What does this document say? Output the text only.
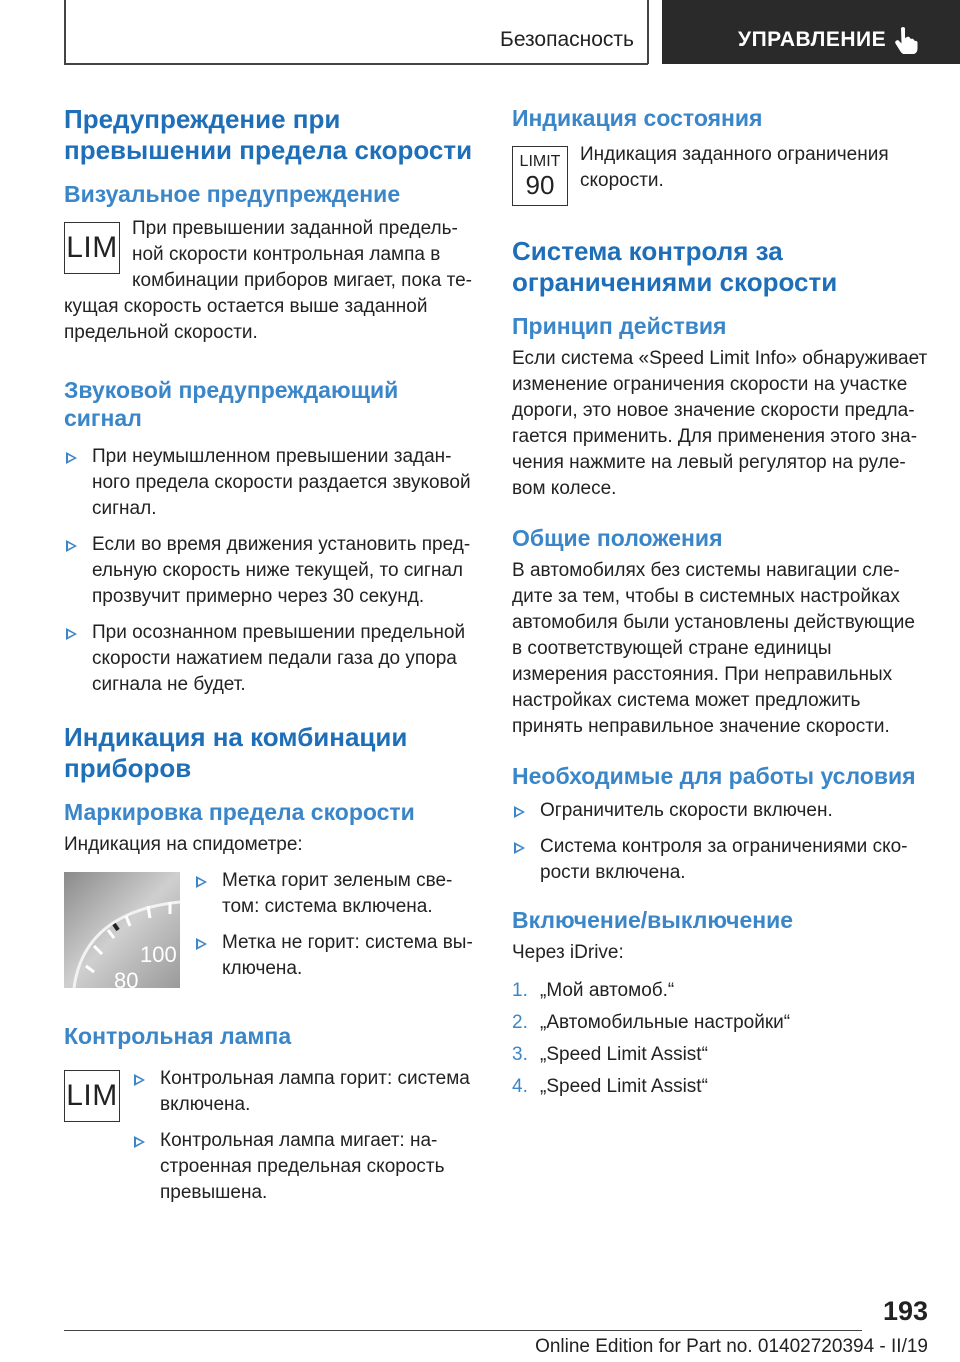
Безопасность	УПРАВЛЕНИЕ
Предупреждение при превышении предела скорости
Визуальное предупреждение
LIM
При превышении заданной предельной скорости контрольная лампа в комбинации приборов мигает, пока текущая скорость остается выше заданной предельной скорости.
Звуковой предупреждающий сигнал
При неумышленном превышении заданного предела скорости раздается звуковой сигнал.
Если во время движения установить предельную скорость ниже текущей, то сигнал прозвучит примерно через 30 секунд.
При осознанном превышении предельной скорости нажатием педали газа до упора сигнала не будет.
Индикация на комбинации приборов
Маркировка предела скорости

Индикация на спидометре:

100
80
Метка горит зеленым светом: система включена.
Метка не горит: система выключена.
Контрольная лампа
LIM
Контрольная лампа горит: система включена.
Контрольная лампа мигает: настроенная предельная скорость превышена.
Индикация состояния
LIMIT
90
Индикация заданного ограничения скорости.
Система контроля за ограничениями скорости
Принцип действия

Если система «Speed Limit Info» обнаруживает изменение ограничения скорости на участке дороги, это новое значение скорости предлагается применить. Для применения этого значения нажмите на левый регулятор на рулевом колесе.

Общие положения

В автомобилях без системы навигации следите за тем, чтобы в системных настройках автомобиля были установлены действующие в соответствующей стране единицы измерения расстояния. При неправильных настройках система может предложить принять неправильное значение скорости.

Необходимые для работы условия
Ограничитель скорости включен.
Система контроля за ограничениями скорости включена.
Включение/выключение

Через iDrive:

1. „Мой автомоб.“
2. „Автомобильные настройки“
3. „Speed Limit Assist“
4. „Speed Limit Assist“
193
Online Edition for Part no. 01402720394 - II/19
